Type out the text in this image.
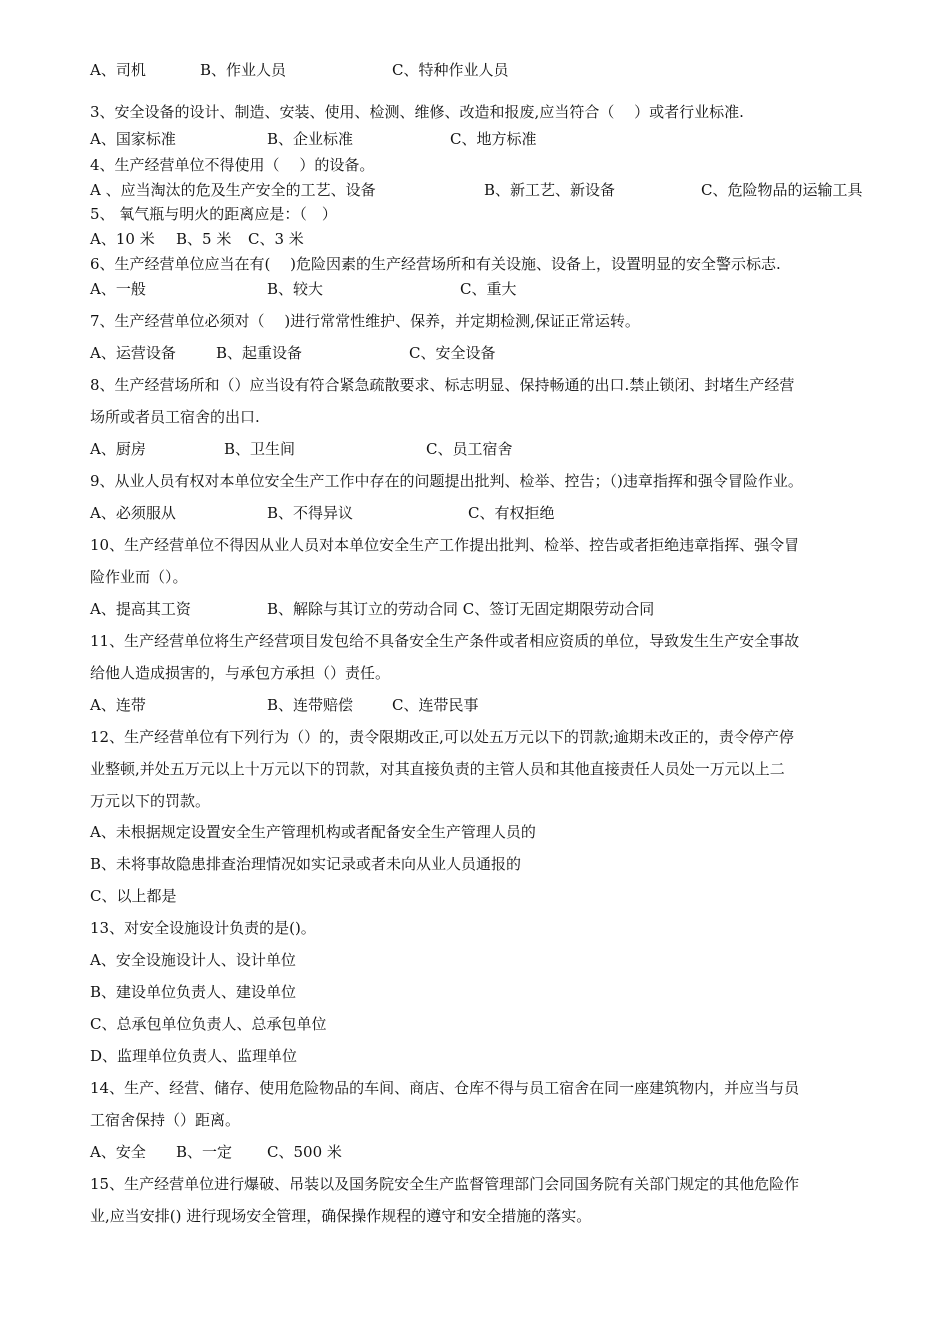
A、司机	B、作业人员	C、特种作业人员

3、安全设备的设计、制造、安装、使用、检测、维修、改造和报废,应当符合（　 ）或者行业标准.

A、国家标准	B、企业标准	C、地方标准

4、生产经营单位不得使用（　 ）的设备。

A 、应当淘汰的危及生产安全的工艺、设备	B、新工艺、新设备	C、危险物品的运输工具

5、 氧气瓶与明火的距离应是：（　）

A、10 米 B、5 米 C、3 米

6、生产经营单位应当在有(　 )危险因素的生产经营场所和有关设施、设备上，设置明显的安全警示标志.

A、一般	B、较大	C、重大

7、生产经营单位必须对（　 )进行常常性维护、保养，并定期检测,保证正常运转。

A、运营设备	B、起重设备	C、安全设备

8、生产经营场所和（）应当设有符合紧急疏散要求、标志明显、保持畅通的出口.禁止锁闭、封堵生产经营

场所或者员工宿舍的出口.

A、厨房	B、卫生间	C、员工宿舍

9、从业人员有权对本单位安全生产工作中存在的问题提出批判、检举、控告；（)违章指挥和强令冒险作业。

A、必须服从	B、不得异议	C、有权拒绝

10、生产经营单位不得因从业人员对本单位安全生产工作提出批判、检举、控告或者拒绝违章指挥、强令冒

险作业而（）。

A、提高其工资	B、解除与其订立的劳动合同 C、签订无固定期限劳动合同

11、生产经营单位将生产经营项目发包给不具备安全生产条件或者相应资质的单位，导致发生生产安全事故

给他人造成损害的，与承包方承担（）责任。

A、连带	B、连带赔偿	C、连带民事

12、生产经营单位有下列行为（）的，责令限期改正,可以处五万元以下的罚款;逾期未改正的，责令停产停

业整顿,并处五万元以上十万元以下的罚款，对其直接负责的主管人员和其他直接责任人员处一万元以上二

万元以下的罚款。

A、未根据规定设置安全生产管理机构或者配备安全生产管理人员的

B、未将事故隐患排查治理情况如实记录或者未向从业人员通报的

C、以上都是

13、对安全设施设计负责的是()。

A、安全设施设计人、设计单位

B、建设单位负责人、建设单位

C、总承包单位负责人、总承包单位

D、监理单位负责人、监理单位

14、生产、经营、储存、使用危险物品的车间、商店、仓库不得与员工宿舍在同一座建筑物内，并应当与员

工宿舍保持（）距离。

A、安全 B、一定 C、500 米

15、生产经营单位进行爆破、吊装以及国务院安全生产监督管理部门会同国务院有关部门规定的其他危险作

业,应当安排() 进行现场安全管理，确保操作规程的遵守和安全措施的落实。
